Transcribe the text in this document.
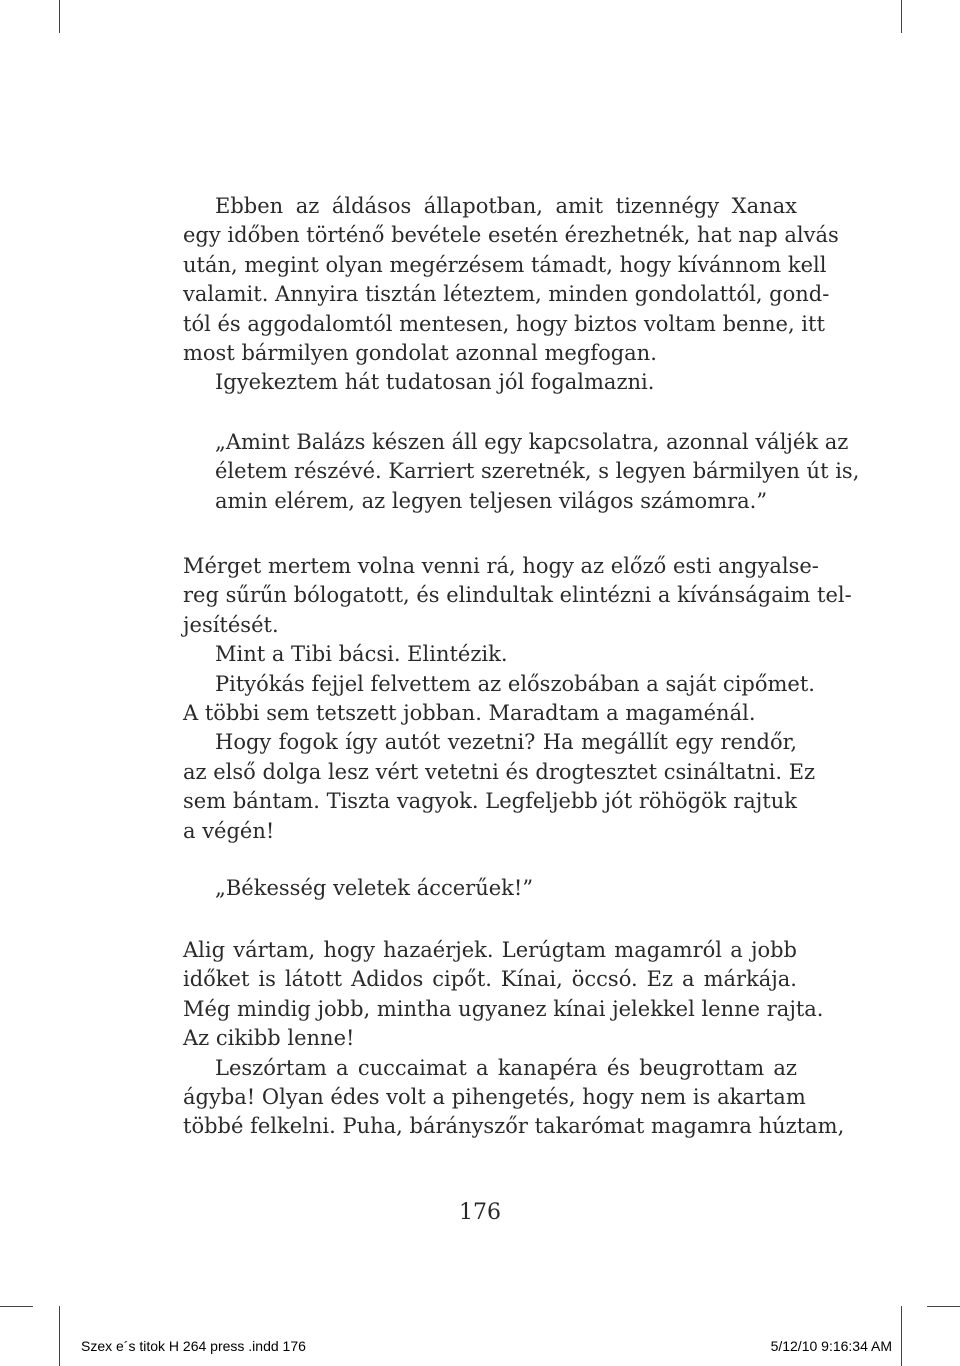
Ebben az áldásos állapotban, amit tizennégy Xanax
egy időben történő bevétele esetén érezhetnék, hat nap alvás
után, megint olyan megérzésem támadt, hogy kívánnom kell
valamit. Annyira tisztán léteztem, minden gondolattól, gond-
tól és aggodalomtól mentesen, hogy biztos voltam benne, itt
most bármilyen gondolat azonnal megfogan.
Igyekeztem hát tudatosan jól fogalmazni.
„Amint Balázs készen áll egy kapcsolatra, azonnal váljék az
életem részévé. Karriert szeretnék, s legyen bármilyen út is,
amin elérem, az legyen teljesen világos számomra.”
Mérget mertem volna venni rá, hogy az előző esti angyalse-
reg sűrűn bólogatott, és elindultak elintézni a kívánságaim tel-
jesítését.
Mint a Tibi bácsi. Elintézik.
Pityókás fejjel felvettem az előszobában a saját cipőmet.
A többi sem tetszett jobban. Maradtam a magaménál.
Hogy fogok így autót vezetni? Ha megállít egy rendőr,
az első dolga lesz vért vetetni és drogtesztet csináltatni. Ez
sem bántam. Tiszta vagyok. Legfeljebb jót röhögök rajtuk
a végén!
„Békesség veletek áccerűek!”
Alig vártam, hogy hazaérjek. Lerúgtam magamról a jobb
időket is látott Adidos cipőt. Kínai, öccsó. Ez a márkája.
Még mindig jobb, mintha ugyanez kínai jelekkel lenne rajta.
Az cikibb lenne!
Leszórtam a cuccaimat a kanapéra és beugrottam az
ágyba! Olyan édes volt a pihengetés, hogy nem is akartam
többé felkelni. Puha, bárányszőr takarómat magamra húztam,
176
Szex e´s titok H 264 press .indd 176	5/12/10 9:16:34 AM
